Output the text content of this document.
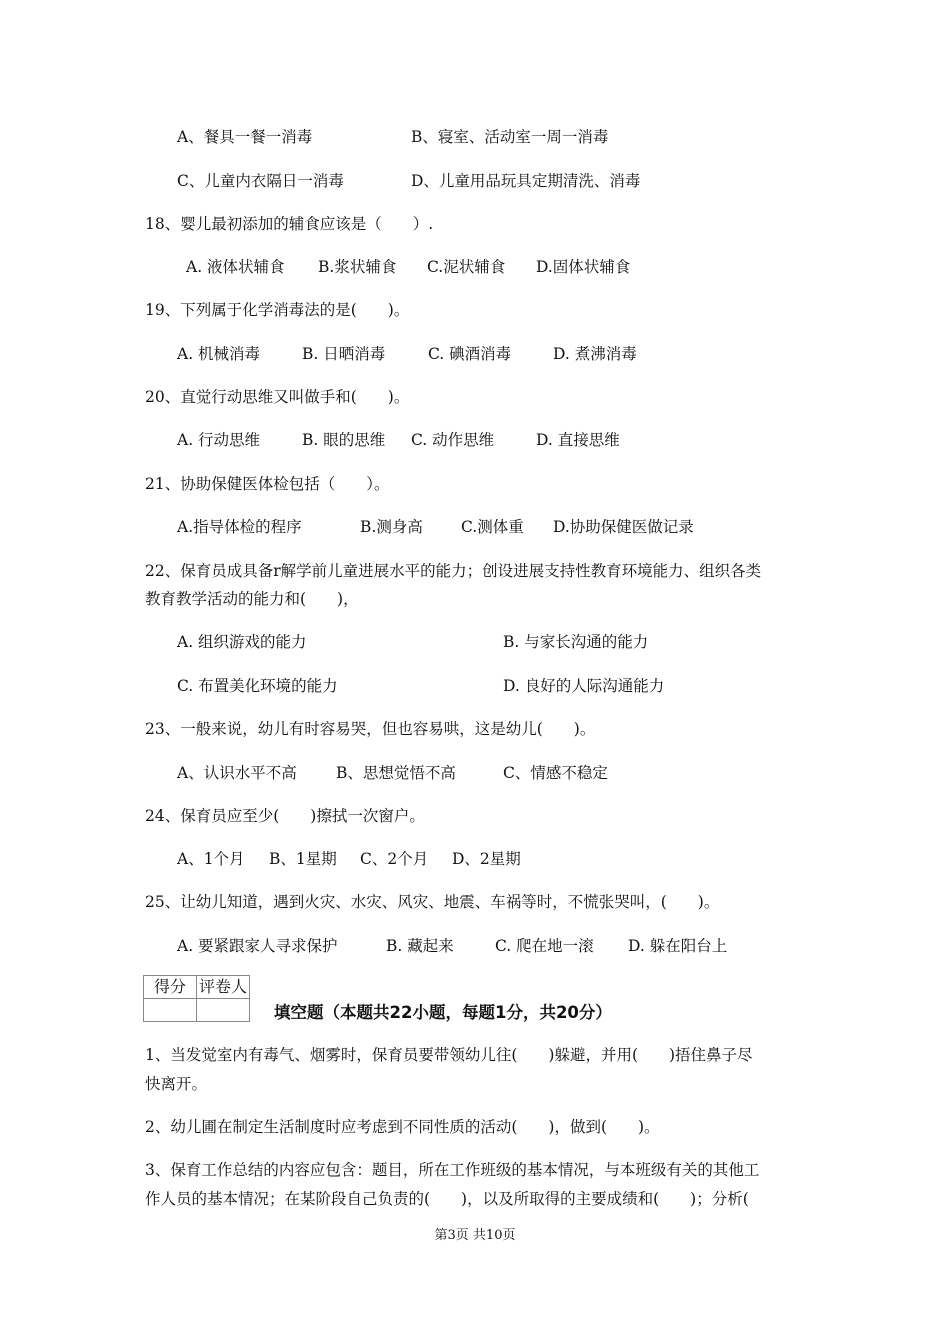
A、餐具一餐一消毒	B、寝室、活动室一周一消毒
C、儿童内衣隔日一消毒	D、儿童用品玩具定期清洗、消毒
18、婴儿最初添加的辅食应该是（　　）.
A. 液体状辅食 B.浆状辅食 C.泥状辅食 D.固体状辅食
19、下列属于化学消毒法的是(　　)。
A. 机械消毒	B. 日晒消毒	C. 碘酒消毒	D. 煮沸消毒
20、直觉行动思维又叫做手和(　　)。
A. 行动思维	B. 眼的思维 C. 动作思维	D. 直接思维
21、协助保健医体检包括（　　）。
A.指导体检的程序	B.测身高 C.测体重 D.协助保健医做记录
22、保育员成具备r解学前儿童进展水平的能力；创设进展支持性教育环境能力、组织各类
教育教学活动的能力和(　　)，
A. 组织游戏的能力	B. 与家长沟通的能力
C. 布置美化环境的能力	D. 良好的人际沟通能力
23、一般来说，幼儿有时容易哭，但也容易哄，这是幼儿(　　)。
A、认识水平不高	B、思想觉悟不高	C、情感不稳定
24、保育员应至少(　　)擦拭一次窗户。
A、1个月 B、1星期 C、2个月 D、2星期
25、让幼儿知道，遇到火灾、水灾、风灾、地震、车祸等时，不慌张哭叫，(　　)。
A. 要紧跟家人寻求保护	B. 藏起来	C. 爬在地一滚 D. 躲在阳台上
得分	评卷人

填空题（本题共22小题，每题1分，共20分）
1、当发觉室内有毒气、烟雾时，保育员要带领幼儿往(　　)躲避，并用(　　)捂住鼻子尽
快离开。
2、幼儿圃在制定生活制度时应考虑到不同性质的活动(　　)，做到(　　)。
3、保育工作总结的内容应包含：题目，所在工作班级的基本情况，与本班级有关的其他工
作人员的基本情况；在某阶段自己负责的(　　)，以及所取得的主要成绩和(　　)；分析(
第3页 共10页
